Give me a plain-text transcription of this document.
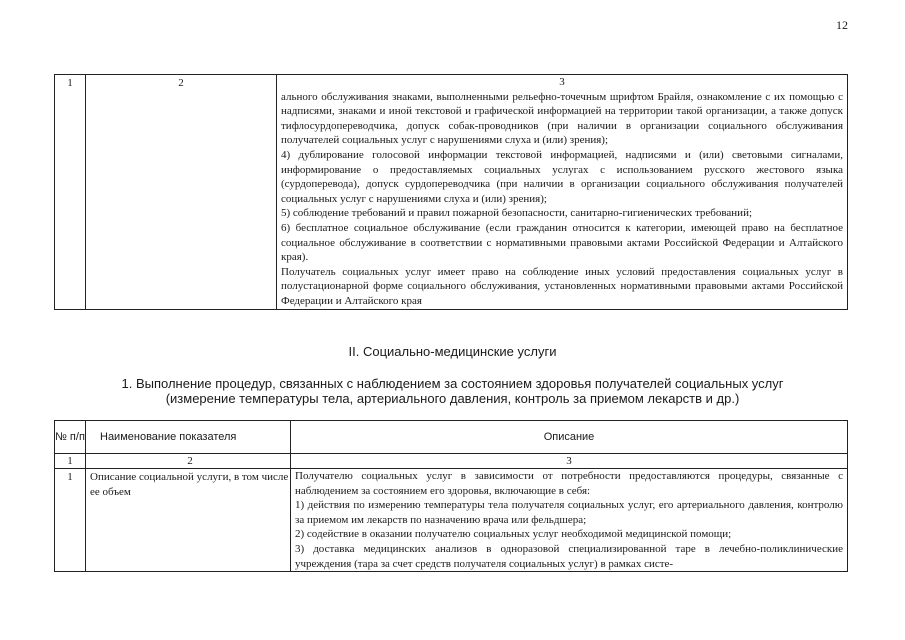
12
1	2	3

ального обслуживания знаками, выполненными рельефно-точечным шрифтом Брайля, ознакомление с их помощью с надписями, знаками и иной текстовой и графической информацией на территории такой организации, а также допуск тифлосурдопереводчика, допуск собак-проводников (при наличии в организации социального обслуживания получателей социальных услуг с нарушениями слуха и (или) зрения);

4) дублирование голосовой информации текстовой информацией, надписями и (или) световыми сигналами, информирование о предоставляемых социальных услугах с использованием русского жестового языка (сурдоперевода), допуск сурдопереводчика (при наличии в организации социального обслуживания получателей социальных услуг с нарушениями слуха и (или) зрения);

5) соблюдение требований и правил пожарной безопасности, санитарно-гигиенических требований;

6) бесплатное социальное обслуживание (если гражданин относится к категории, имеющей право на бесплатное социальное обслуживание в соответствии с нормативными правовыми актами Российской Федерации и Алтайского края).

Получатель социальных услуг имеет право на соблюдение иных условий предоставления социальных услуг в полустационарной форме социального обслуживания, установленных нормативными правовыми актами Российской Федерации и Алтайского края

II. Социально-медицинские услуги
1. Выполнение процедур, связанных с наблюдением за состоянием здоровья получателей социальных услуг
(измерение температуры тела, артериального давления, контроль за приемом лекарств и др.)
№ п/п	Наименование показателя	Описание
1	2	3
1	Описание социальной услуги, в том числе ее объем	Получателю социальных услуг в зависимости от потребности предоставляются процедуры, связанные с наблюдением за состоянием его здоровья, включающие в себя:

1) действия по измерению температуры тела получателя социальных услуг, его артериального давления, контролю за приемом им лекарств по назначению врача или фельдшера;

2) содействие в оказании получателю социальных услуг необходимой медицинской помощи;

3) доставка медицинских анализов в одноразовой специализированной таре в лечебно-поликлинические учреждения (тара за счет средств получателя социальных услуг) в рамках систе-
